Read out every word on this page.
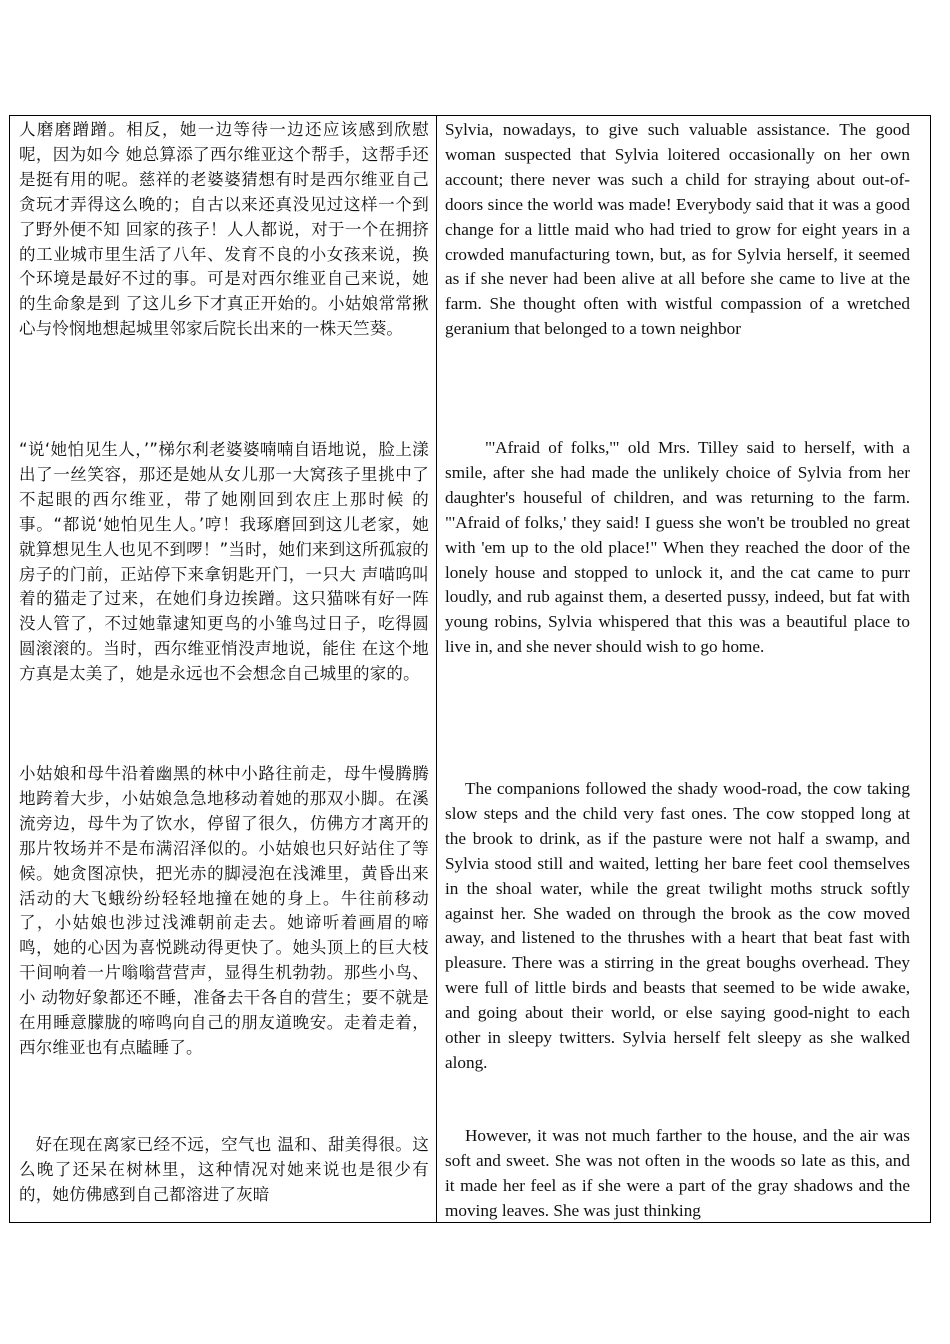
人磨磨蹭蹭。相反，她一边等待一边还应该感到欣慰呢，因为如今 她总算添了西尔维亚这个帮手，这帮手还是挺有用的呢。慈祥的老婆婆猜想有时是西尔维亚自己贪玩才弄得这么晚的；自古以来还真没见过这样一个到了野外便不知 回家的孩子！人人都说，对于一个在拥挤的工业城市里生活了八年、发育不良的小女孩来说，换个环境是最好不过的事。可是对西尔维亚自己来说，她的生命象是到 了这儿乡下才真正开始的。小姑娘常常揪心与怜悯地想起城里邻家后院长出来的一株天竺葵。

“说‘她怕见生人，’”梯尔利老婆婆喃喃自语地说，脸上漾出了一丝笑容，那还是她从女儿那一大窝孩子里挑中了不起眼的西尔维亚，带了她刚回到农庄上那时候 的事。“都说‘她怕见生人。’哼！我琢磨回到这儿老家，她就算想见生人也见不到啰！”当时，她们来到这所孤寂的房子的门前，正站停下来拿钥匙开门，一只大 声喵呜叫着的猫走了过来，在她们身边挨蹭。这只猫咪有好一阵没人管了，不过她靠逮知更鸟的小雏鸟过日子，吃得圆圆滚滚的。当时，西尔维亚悄没声地说，能住 在这个地方真是太美了，她是永远也不会想念自己城里的家的。

小姑娘和母牛沿着幽黑的林中小路往前走，母牛慢腾腾地跨着大步，小姑娘急急地移动着她的那双小脚。在溪流旁边，母牛为了饮水，停留了很久，仿佛方才离开的 那片牧场并不是布满沼泽似的。小姑娘也只好站住了等候。她贪图凉快，把光赤的脚浸泡在浅滩里，黄昏出来活动的大飞蛾纷纷轻轻地撞在她的身上。牛往前移动 了，小姑娘也涉过浅滩朝前走去。她谛听着画眉的啼鸣，她的心因为喜悦跳动得更快了。她头顶上的巨大枝干间响着一片嗡嗡营营声，显得生机勃勃。那些小鸟、小 动物好象都还不睡，准备去干各自的营生；要不就是在用睡意朦胧的啼鸣向自己的朋友道晚安。走着走着，西尔维亚也有点瞌睡了。

好在现在离家已经不远，空气也 温和、甜美得很。这么晚了还呆在树林里，这种情况对她来说也是很少有的，她仿佛感到自己都溶进了灰暗

Sylvia, nowadays, to give such valuable assistance. The good woman suspected that Sylvia loitered occasionally on her own account; there never was such a child for straying about out-of-doors since the world was made! Everybody said that it was a good change for a little maid who had tried to grow for eight years in a crowded manufacturing town, but, as for Sylvia herself, it seemed as if she never had been alive at all before she came to live at the farm. She thought often with wistful compassion of a wretched geranium that belonged to a town neighbor

"'Afraid of folks,'" old Mrs. Tilley said to herself, with a smile, after she had made the unlikely choice of Sylvia from her daughter's houseful of children, and was returning to the farm. "'Afraid of folks,' they said! I guess she won't be troubled no great with 'em up to the old place!" When they reached the door of the lonely house and stopped to unlock it, and the cat came to purr loudly, and rub against them, a deserted pussy, indeed, but fat with young robins, Sylvia whispered that this was a beautiful place to live in, and she never should wish to go home.

The companions followed the shady wood-road, the cow taking slow steps and the child very fast ones. The cow stopped long at the brook to drink, as if the pasture were not half a swamp, and Sylvia stood still and waited, letting her bare feet cool themselves in the shoal water, while the great twilight moths struck softly against her. She waded on through the brook as the cow moved away, and listened to the thrushes with a heart that beat fast with pleasure. There was a stirring in the great boughs overhead. They were full of little birds and beasts that seemed to be wide awake, and going about their world, or else saying good-night to each other in sleepy twitters. Sylvia herself felt sleepy as she walked along.

However, it was not much farther to the house, and the air was soft and sweet. She was not often in the woods so late as this, and it made her feel as if she were a part of the gray shadows and the moving leaves. She was just thinking
